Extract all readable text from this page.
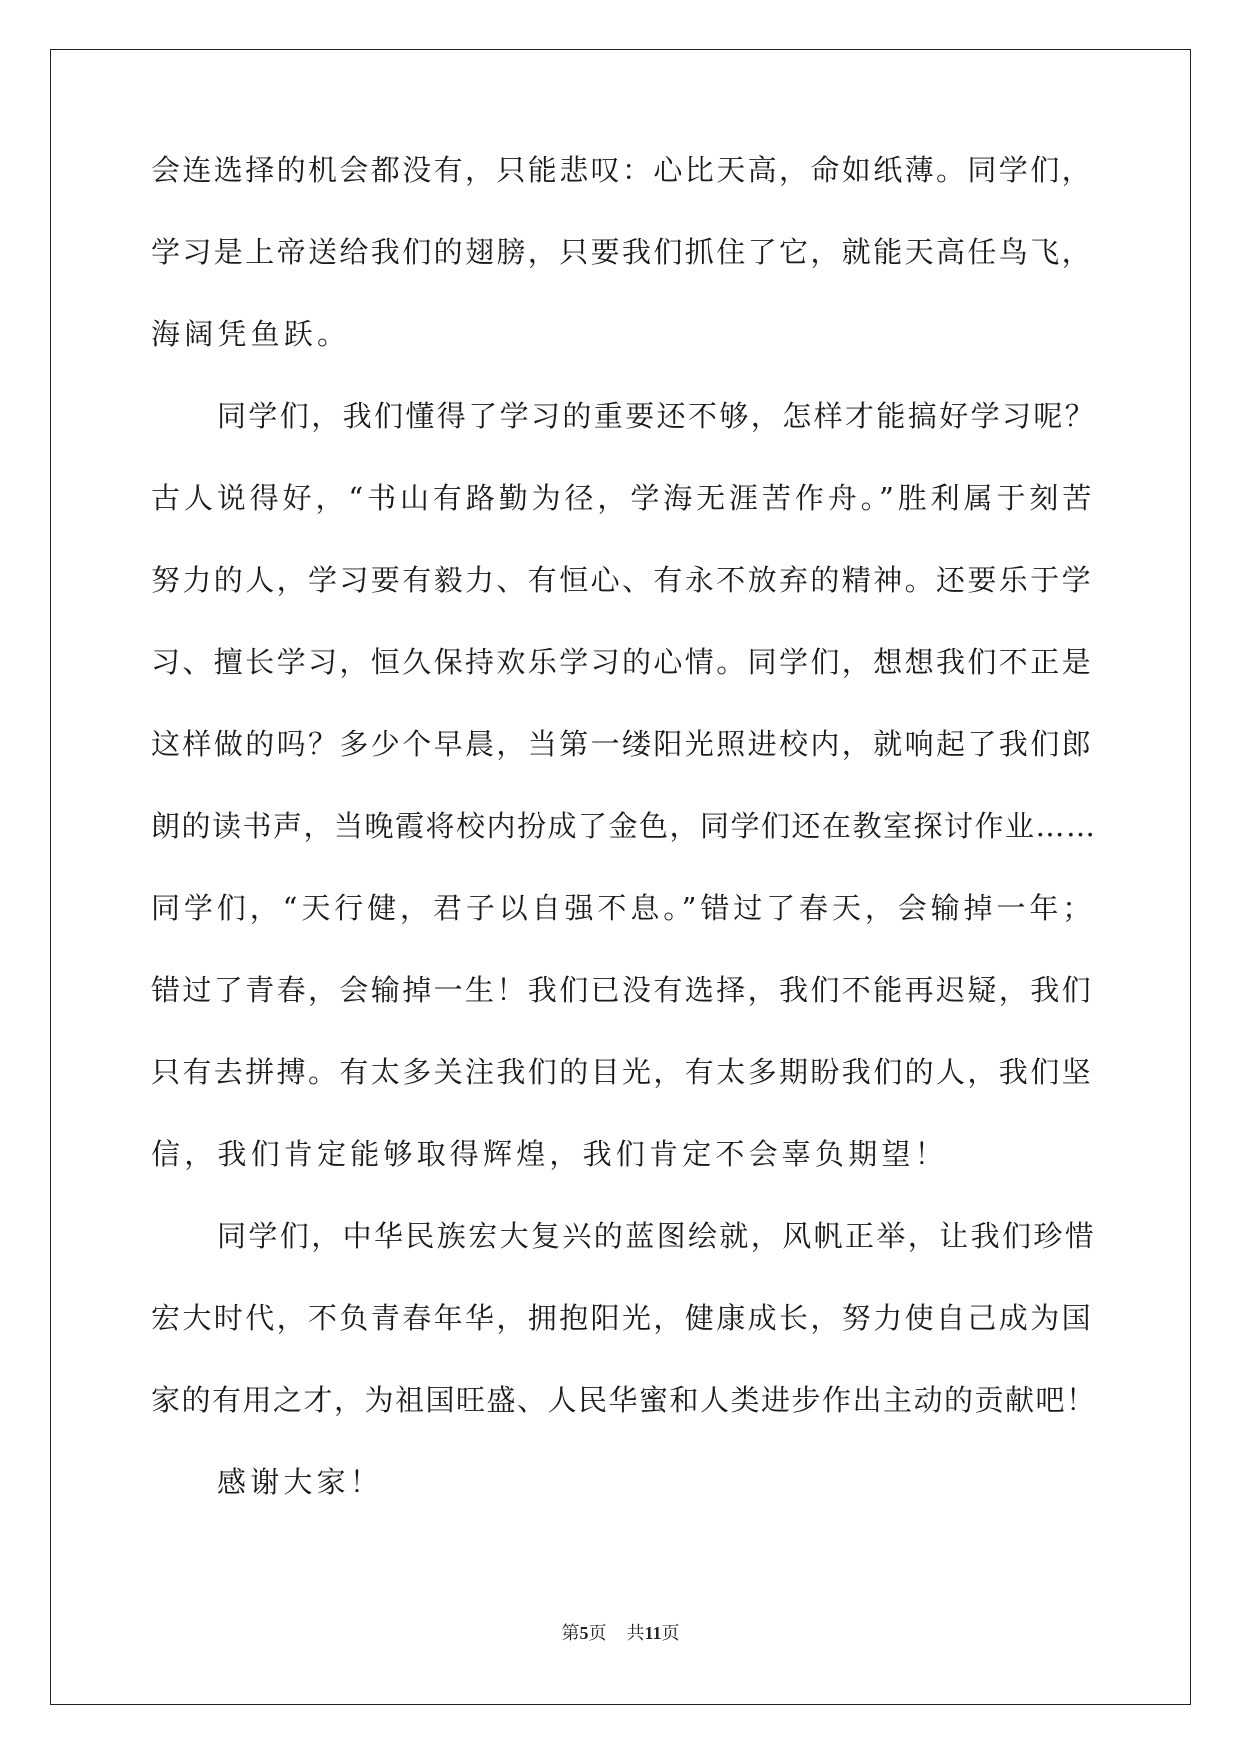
会连选择的机会都没有，只能悲叹：心比天高，命如纸薄。同学们，
学习是上帝送给我们的翅膀，只要我们抓住了它，就能天高任鸟飞，
海阔凭鱼跃。
同学们，我们懂得了学习的重要还不够，怎样才能搞好学习呢？
古人说得好，“书山有路勤为径，学海无涯苦作舟。”胜利属于刻苦
努力的人，学习要有毅力、有恒心、有永不放弃的精神。还要乐于学
习、擅长学习，恒久保持欢乐学习的心情。同学们，想想我们不正是
这样做的吗？多少个早晨，当第一缕阳光照进校内，就响起了我们郎
朗的读书声，当晚霞将校内扮成了金色，同学们还在教室探讨作业……
同学们，“天行健，君子以自强不息。”错过了春天，会输掉一年；
错过了青春，会输掉一生！我们已没有选择，我们不能再迟疑，我们
只有去拼搏。有太多关注我们的目光，有太多期盼我们的人，我们坚
信，我们肯定能够取得辉煌，我们肯定不会辜负期望！
同学们，中华民族宏大复兴的蓝图绘就，风帆正举，让我们珍惜
宏大时代，不负青春年华，拥抱阳光，健康成长，努力使自己成为国
家的有用之才，为祖国旺盛、人民华蜜和人类进步作出主动的贡献吧！
感谢大家！
第5页 共11页
